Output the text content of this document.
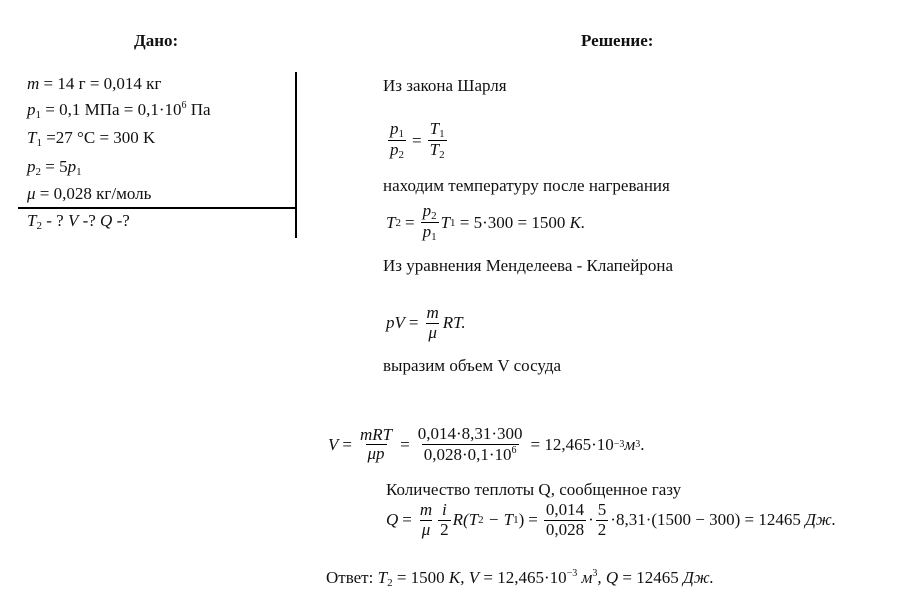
Дано:	Решение:
m = 14 г = 0,014 кг
$p_1 = 0,1$ МПа = $0,1\cdot 10^6$ Па
$T_1 =27$ °C = 300 K
$p_2 = 5p_1$
μ = 0,028 кг/моль
$T_2$ - ? V -? Q -?
Из закона Шарля
$\frac{p_1}{p_2} = \frac{T_1}{T_2}$
находим температуру после нагревания
T $2 = \frac{p_2}{p_1}$ T 1 = 5·300 = 1500 K.
Из уравнения Менделеева - Клапейрона
pV = $\frac{m}{\mu}$ RT.
выразим объем V сосуда
$V = \frac{\text{mRT}}{\mu p} = \frac{0,014\cdot 8,31\cdot 300}{0,028\cdot 0,1\cdot 10^6} = 12,465\cdot 10 -3$ м 3 .
Количество теплоты Q, сообщенное газу
$Q = \frac{m}{\mu} \frac{i}{2} R(T$ 2 − T 1 ) = $\frac{0,014}{0,028} \cdot \frac{5}{2} \cdot 8,31\cdot(1500 - 300) = 12465$ Дж.
Ответ: $T_2 = 1500$ K, $V = 12,465\cdot 10^{-3}$ $м^3$, Q = 12465 Дж.
